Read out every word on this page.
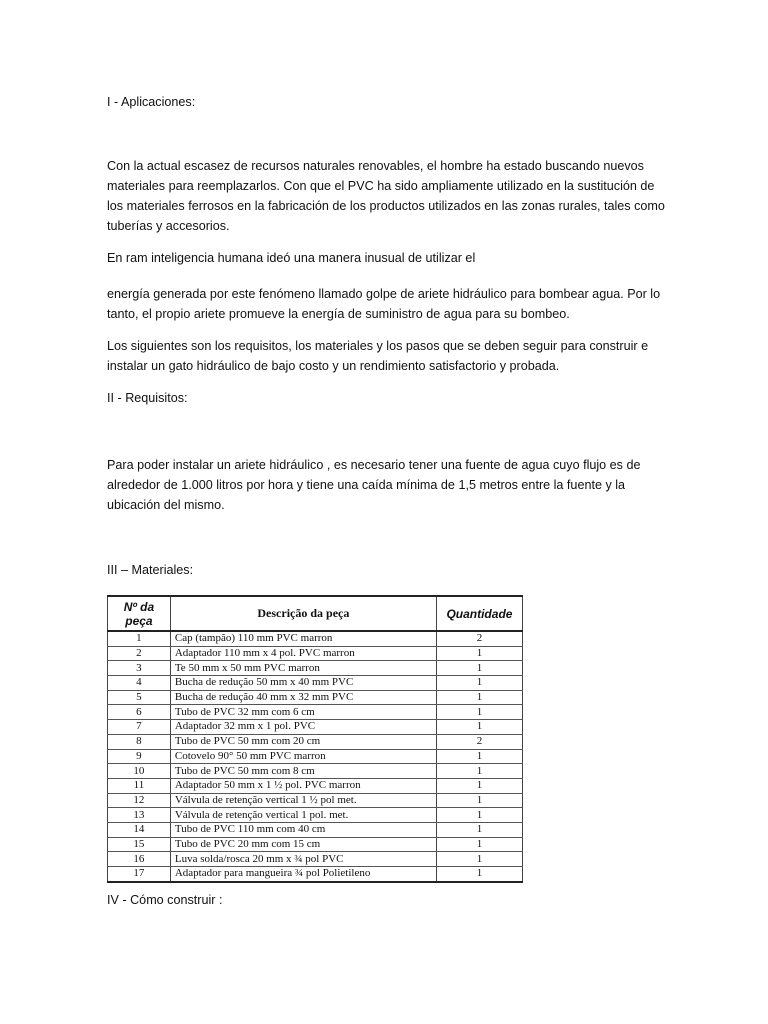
I - Aplicaciones:

Con la actual escasez de recursos naturales renovables, el hombre ha estado buscando nuevos materiales para reemplazarlos. Con que el PVC ha sido ampliamente utilizado en la sustitución de los materiales ferrosos en la fabricación de los productos utilizados en las zonas rurales, tales como tuberías y accesorios.

En ram inteligencia humana ideó una manera inusual de utilizar el

energía generada por este fenómeno llamado golpe de ariete hidráulico para bombear agua. Por lo tanto, el propio ariete promueve la energía de suministro de agua para su bombeo.

Los siguientes son los requisitos, los materiales y los pasos que se deben seguir para construir e instalar un gato hidráulico de bajo costo y un rendimiento satisfactorio y probada.

II - Requisitos:

Para poder instalar un ariete hidráulico , es necesario tener una fuente de agua cuyo flujo es de alrededor de 1.000 litros por hora y tiene una caída mínima de 1,5 metros entre la fuente y la ubicación del mismo.

III – Materiales:

Nº da peça	Descrição da peça	Quantidade
1	Cap (tampão) 110 mm PVC marron	2
2	Adaptador 110 mm x 4 pol. PVC marron	1
3	Te 50 mm x 50 mm PVC marron	1
4	Bucha de redução 50 mm x 40 mm PVC	1
5	Bucha de redução 40 mm x 32 mm PVC	1
6	Tubo de PVC 32 mm com 6 cm	1
7	Adaptador 32 mm x 1 pol. PVC	1
8	Tubo de PVC 50 mm com 20 cm	2
9	Cotovelo 90° 50 mm PVC marron	1
10	Tubo de PVC 50 mm com 8 cm	1
11	Adaptador 50 mm x 1 ½ pol. PVC marron	1
12	Válvula de retenção vertical 1 ½ pol met.	1
13	Válvula de retenção vertical 1 pol. met.	1
14	Tubo de PVC 110 mm com 40 cm	1
15	Tubo de PVC 20 mm com 15 cm	1
16	Luva solda/rosca 20 mm x ¾ pol PVC	1
17	Adaptador para mangueira ¾ pol Polietileno	1

IV - Cómo construir :
